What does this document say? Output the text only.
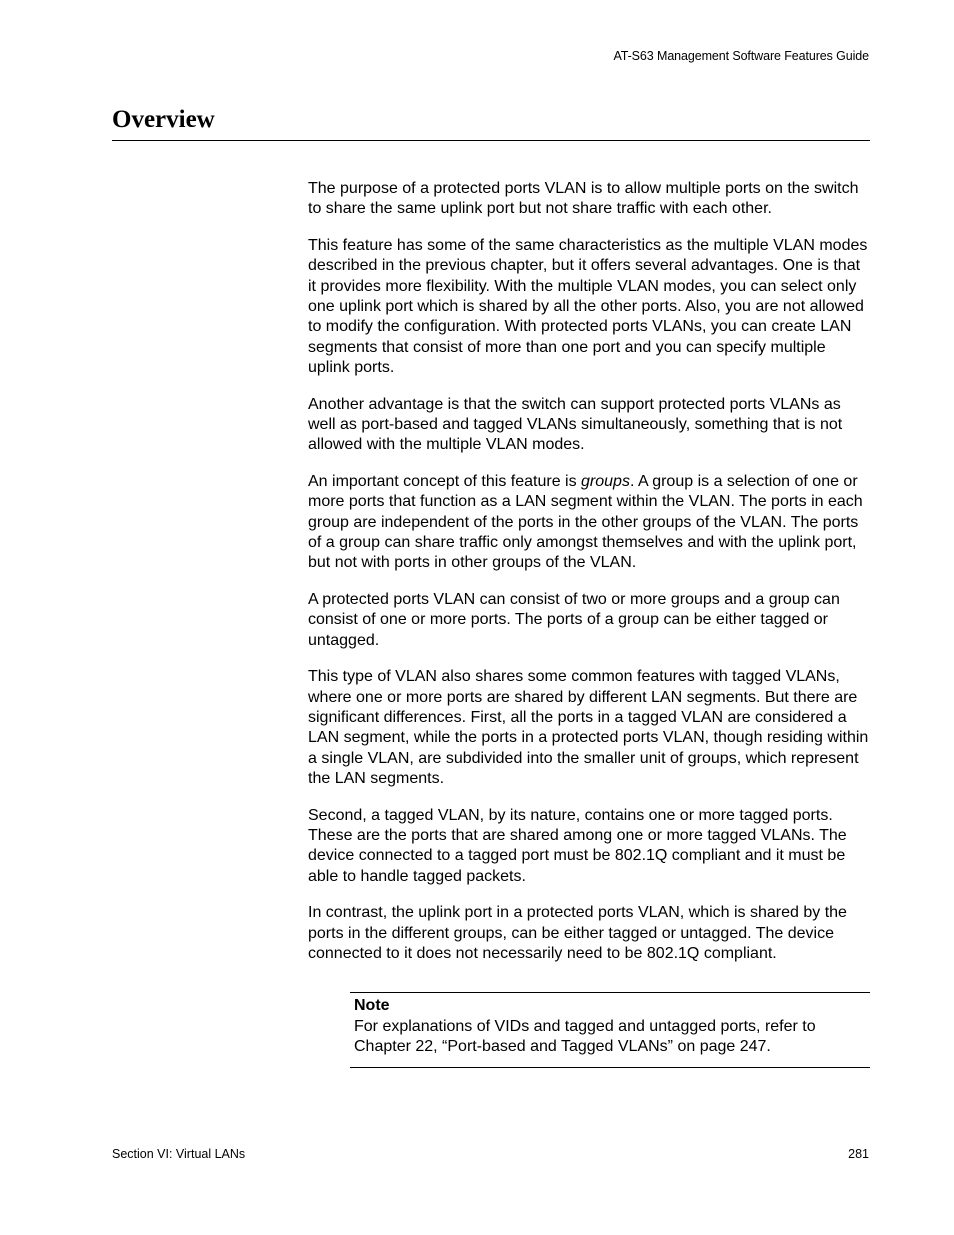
AT-S63 Management Software Features Guide
Overview

The purpose of a protected ports VLAN is to allow multiple ports on the switch to share the same uplink port but not share traffic with each other.

This feature has some of the same characteristics as the multiple VLAN modes described in the previous chapter, but it offers several advantages. One is that it provides more flexibility. With the multiple VLAN modes, you can select only one uplink port which is shared by all the other ports. Also, you are not allowed to modify the configuration. With protected ports VLANs, you can create LAN segments that consist of more than one port and you can specify multiple uplink ports.

Another advantage is that the switch can support protected ports VLANs as well as port-based and tagged VLANs simultaneously, something that is not allowed with the multiple VLAN modes.

An important concept of this feature is groups. A group is a selection of one or more ports that function as a LAN segment within the VLAN. The ports in each group are independent of the ports in the other groups of the VLAN. The ports of a group can share traffic only amongst themselves and with the uplink port, but not with ports in other groups of the VLAN.

A protected ports VLAN can consist of two or more groups and a group can consist of one or more ports. The ports of a group can be either tagged or untagged.

This type of VLAN also shares some common features with tagged VLANs, where one or more ports are shared by different LAN segments. But there are significant differences. First, all the ports in a tagged VLAN are considered a LAN segment, while the ports in a protected ports VLAN, though residing within a single VLAN, are subdivided into the smaller unit of groups, which represent the LAN segments.

Second, a tagged VLAN, by its nature, contains one or more tagged ports. These are the ports that are shared among one or more tagged VLANs. The device connected to a tagged port must be 802.1Q compliant and it must be able to handle tagged packets.

In contrast, the uplink port in a protected ports VLAN, which is shared by the ports in the different groups, can be either tagged or untagged. The device connected to it does not necessarily need to be 802.1Q compliant.

Note
For explanations of VIDs and tagged and untagged ports, refer to Chapter 22, “Port-based and Tagged VLANs” on page 247.
Section VI: Virtual LANs	281
